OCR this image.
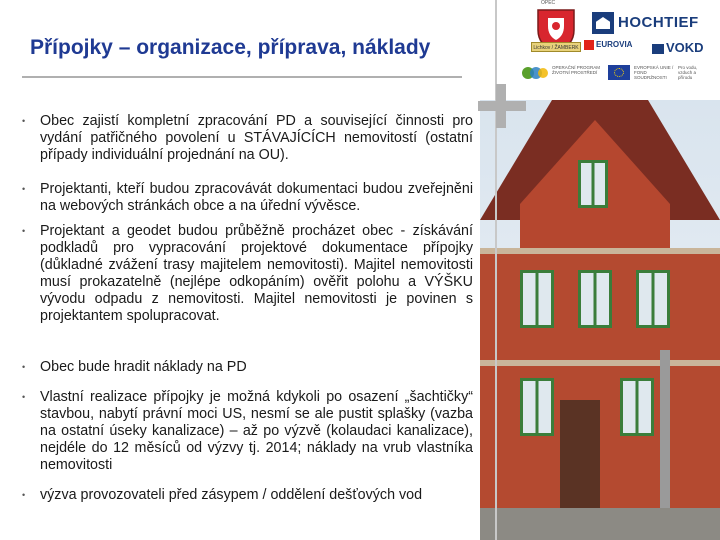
Přípojky – organizace, příprava, náklady
OPEC
Lichkov / ŽAMBERK
HOCHTIEF
EUROVIA	VOKD
OPERAČNÍ PROGRAM ŽIVOTNÍ PROSTŘEDÍ
EVROPSKÁ UNIE / FOND SOUDRŽNOSTI
Pro vodu, vzduch a přírodu
• Obec zajistí kompletní zpracování PD a související činnosti pro vydání patřičného povolení u STÁVAJÍCÍCH nemovitostí (ostatní případy individuální projednání na OU).

• Projektanti, kteří budou zpracovávát dokumentaci budou zveřejněni na webových stránkách obce a na úřední vývěsce.

• Projektant a geodet budou průběžně procházet obec - získávání podkladů pro vypracování projektové dokumentace přípojky (důkladné zvážení trasy majitelem nemovitosti). Majitel nemovitosti musí prokazatelně (nejlépe odkopáním) ověřit polohu a VÝŠKU vývodu odpadu z nemovitosti. Majitel nemovitosti je povinen s projektantem spolupracovat.

• Obec bude hradit náklady na PD

• Vlastní realizace přípojky je možná kdykoli po osazení „šachtičky“ stavbou, nabytí právní moci US, nesmí se ale pustit splašky (vazba na ostatní úseky kanalizace) – až po výzvě (kolaudaci kanalizace), nejdéle do 12 měsíců od výzvy tj. 2014; náklady na vrub vlastníka nemovitosti

• výzva provozovateli před zásypem / oddělení dešťových vod
